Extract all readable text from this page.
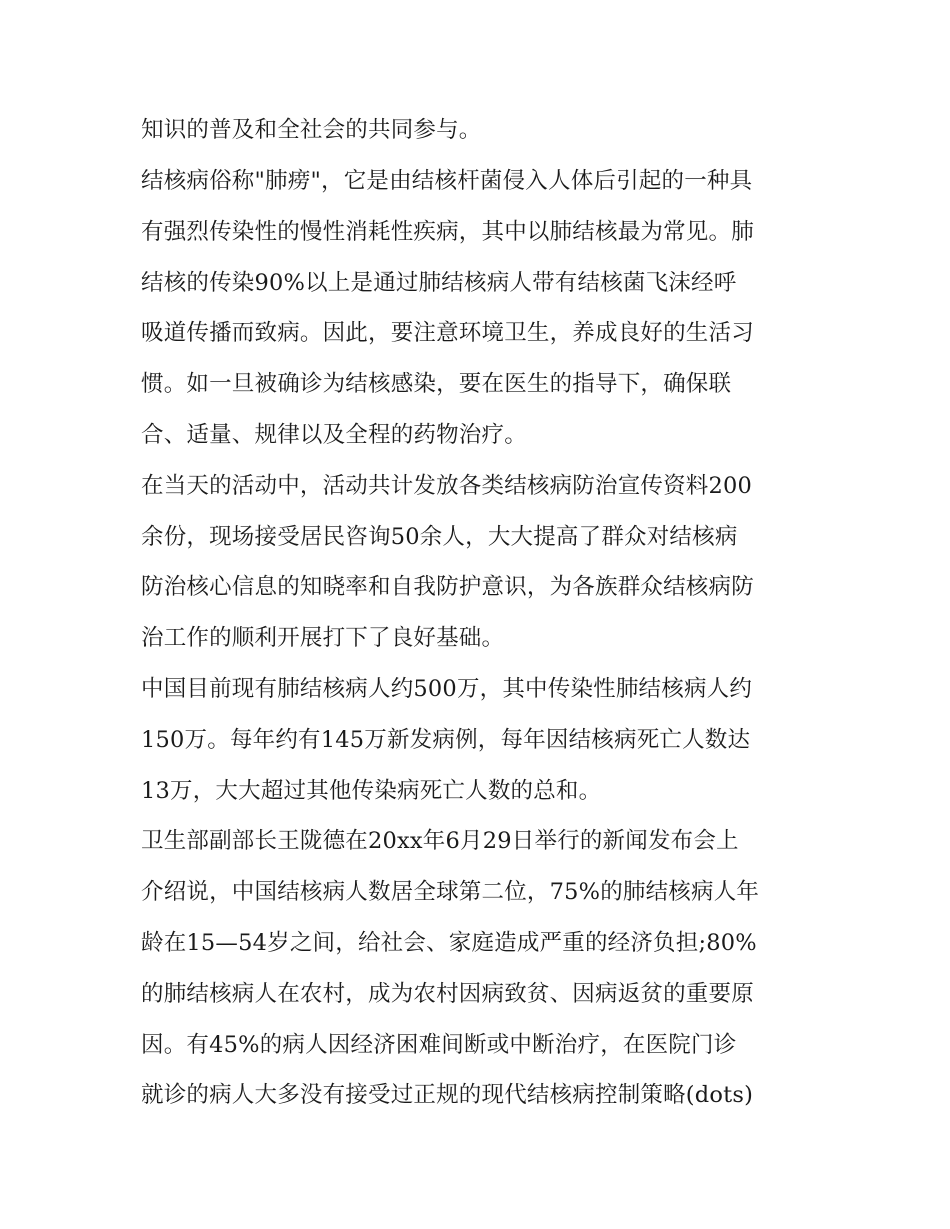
知识的普及和全社会的共同参与。
结核病俗称"肺痨"，它是由结核杆菌侵入人体后引起的一种具
有强烈传染性的慢性消耗性疾病，其中以肺结核最为常见。肺
结核的传染90%以上是通过肺结核病人带有结核菌飞沫经呼
吸道传播而致病。因此，要注意环境卫生，养成良好的生活习
惯。如一旦被确诊为结核感染，要在医生的指导下，确保联
合、适量、规律以及全程的药物治疗。
在当天的活动中，活动共计发放各类结核病防治宣传资料200
余份，现场接受居民咨询50余人，大大提高了群众对结核病
防治核心信息的知晓率和自我防护意识，为各族群众结核病防
治工作的顺利开展打下了良好基础。
中国目前现有肺结核病人约500万，其中传染性肺结核病人约
150万。每年约有145万新发病例，每年因结核病死亡人数达
13万，大大超过其他传染病死亡人数的总和。
卫生部副部长王陇德在20xx年6月29日举行的新闻发布会上
介绍说，中国结核病人数居全球第二位，75%的肺结核病人年
龄在15—54岁之间，给社会、家庭造成严重的经济负担;80%
的肺结核病人在农村，成为农村因病致贫、因病返贫的重要原
因。有45%的病人因经济困难间断或中断治疗，在医院门诊
就诊的病人大多没有接受过正规的现代结核病控制策略(dots)
